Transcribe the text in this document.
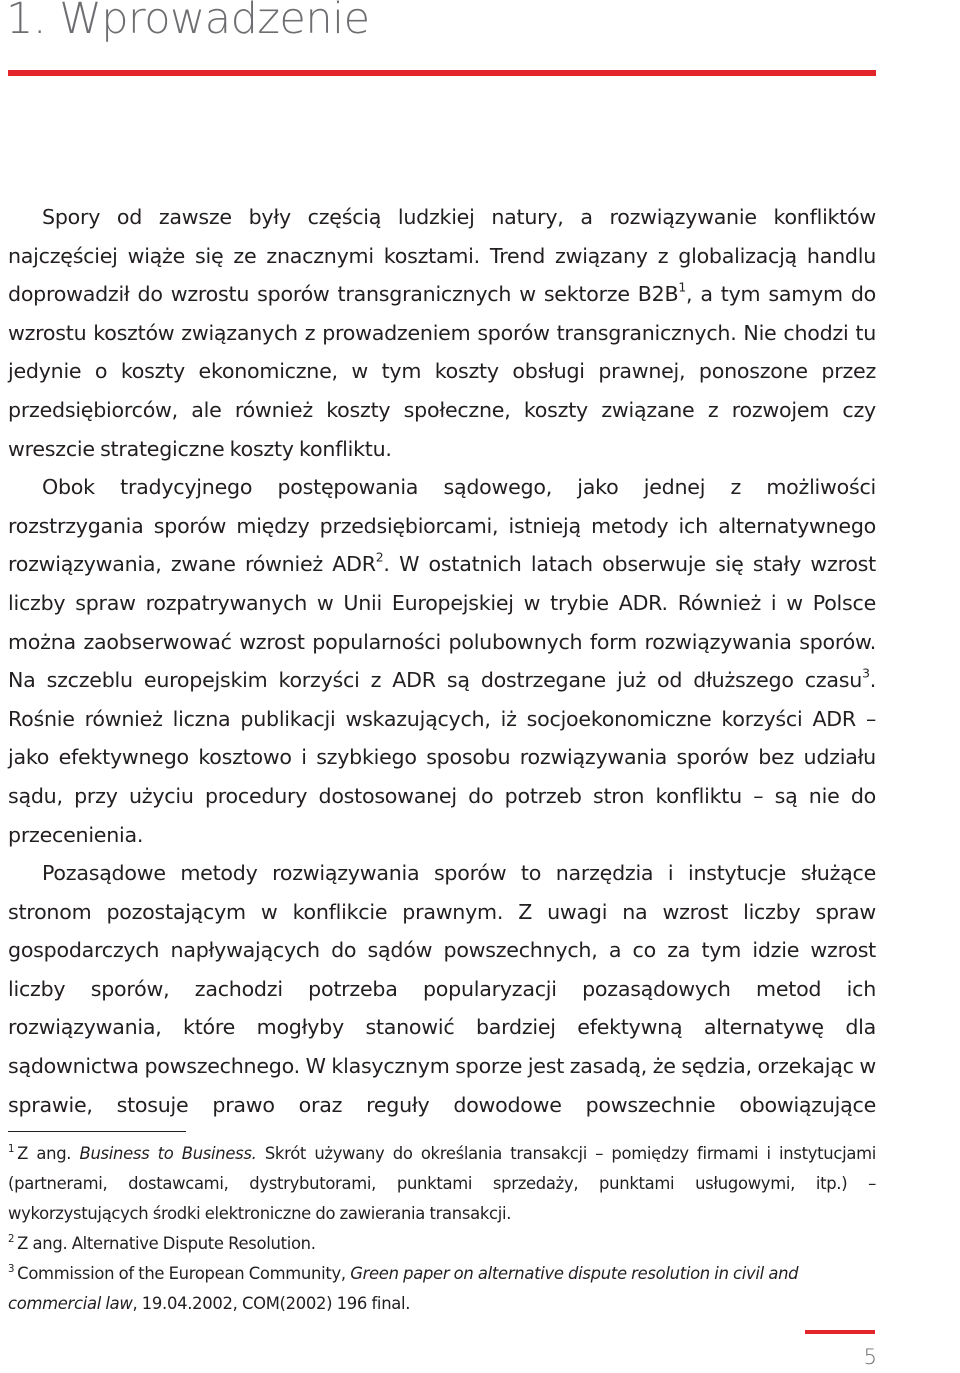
1. Wprowadzenie

Spory od zawsze były częścią ludzkiej natury, a rozwiązywanie konfliktów najczęściej wiąże się ze znacznymi kosztami. Trend związany z globalizacją handlu doprowadził do wzrostu sporów transgranicznych w sektorze B2B$^1$, a tym samym do wzrostu kosztów związanych z prowadzeniem sporów transgranicznych. Nie chodzi tu jedynie o koszty ekonomiczne, w tym koszty obsługi prawnej, ponoszone przez przedsiębiorców, ale również koszty społeczne, koszty związane z rozwojem czy wreszcie strategiczne koszty konfliktu.

Obok tradycyjnego postępowania sądowego, jako jednej z możliwości rozstrzygania sporów między przedsiębiorcami, istnieją metody ich alternatywnego rozwiązywania, zwane również ADR$^2$. W ostatnich latach obserwuje się stały wzrost liczby spraw rozpatrywanych w Unii Europejskiej w trybie ADR. Również i w Polsce można zaobserwować wzrost popularności polubownych form rozwiązywania sporów. Na szczeblu europejskim korzyści z ADR są dostrzegane już od dłuższego czasu$^3$. Rośnie również liczna publikacji wskazujących, iż socjoekonomiczne korzyści ADR – jako efektywnego kosztowo i szybkiego sposobu rozwiązywania sporów bez udziału sądu, przy użyciu procedury dostosowanej do potrzeb stron konfliktu – są nie do przecenienia.

Pozasądowe metody rozwiązywania sporów to narzędzia i instytucje służące stronom pozostającym w konflikcie prawnym. Z uwagi na wzrost liczby spraw gospodarczych napływających do sądów powszechnych, a co za tym idzie wzrost liczby sporów, zachodzi potrzeba popularyzacji pozasądowych metod ich rozwiązywania, które mogłyby stanowić bardziej efektywną alternatywę dla sądownictwa powszechnego. W klasycznym sporze jest zasadą, że sędzia, orzekając w sprawie, stosuje prawo oraz reguły dowodowe powszechnie obowiązujące

$^1$ Z ang. Business to Business. Skrót używany do określania transakcji – pomiędzy firmami i instytucjami (partnerami, dostawcami, dystrybutorami, punktami sprzedaży, punktami usługowymi, itp.) – wykorzystujących środki elektroniczne do zawierania transakcji.

$^2$ Z ang. Alternative Dispute Resolution.

$^3$ Commission of the European Community, Green paper on alternative dispute resolution in civil and commercial law, 19.04.2002, COM(2002) 196 final.

5
